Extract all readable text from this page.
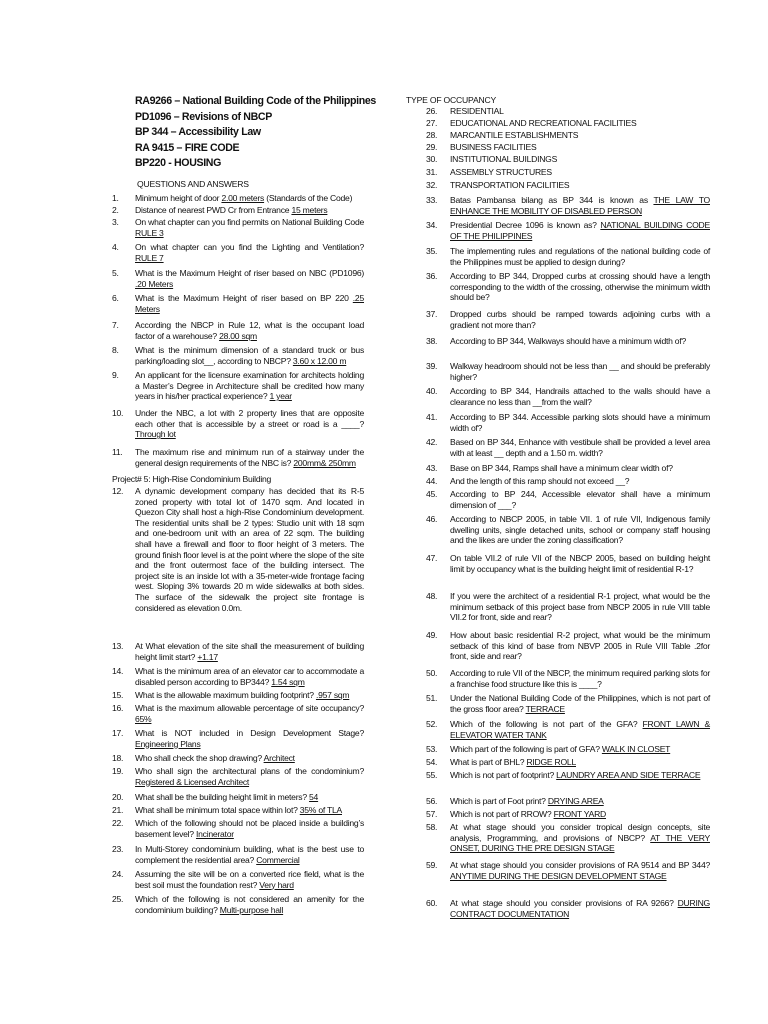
RA9266 – National Building Code of the Philippines
PD1096 – Revisions of NBCP
BP 344 – Accessibility Law
RA 9415 – FIRE CODE
BP220 - HOUSING
QUESTIONS AND ANSWERS
TYPE OF OCCUPANCY
1. Minimum height of door 2.00 meters (Standards of the Code)
2. Distance of nearest PWD Cr from Entrance 15 meters
3. On what chapter can you find permits on National Building Code RULE 3
4. On what chapter can you find the Lighting and Ventilation? RULE 7
5. What is the Maximum Height of riser based on NBC (PD1096) .20 Meters
6. What is the Maximum Height of riser based on BP 220 .25 Meters
7. According the NBCP in Rule 12, what is the occupant load factor of a warehouse? 28.00 sqm
8. What is the minimum dimension of a standard truck or bus parking/loading slot__, according to NBCP? 3.60 x 12.00 m
9. An applicant for the licensure examination for architects holding a Master’s Degree in Architecture shall be credited how many years in his/her practical experience? 1 year
10. Under the NBC, a lot with 2 property lines that are opposite each other that is accessible by a street or road is a ____? Through lot
11. The maximum rise and minimum run of a stairway under the general design requirements of the NBC is? 200mm& 250mm
Project# 5: High-Rise Condominium Building
12. A dynamic development company has decided that its R-5 zoned property with total lot of 1470 sqm. And located in Quezon City shall host a high-Rise Condominium development. The residential units shall be 2 types: Studio unit with 18 sqm and one-bedroom unit with an area of 22 sqm. The building shall have a firewall and floor to floor height of 3 meters. The ground finish floor level is at the point where the slope of the site and the front outermost face of the building intersect. The project site is an inside lot with a 35-meter-wide frontage facing west. Sloping 3% towards 20 m wide sidewalks at both sides. The surface of the sidewalk the project site frontage is considered as elevation 0.0m.
13. At What elevation of the site shall the measurement of building height limit start? +1.17
14. What is the minimum area of an elevator car to accommodate a disabled person according to BP344? 1.54 sqm
15. What is the allowable maximum building footprint? .957 sqm
16. What is the maximum allowable percentage of site occupancy? 65%
17. What is NOT included in Design Development Stage? Engineering Plans
18. Who shall check the shop drawing? Architect
19. Who shall sign the architectural plans of the condominium? Registered & Licensed Architect
20. What shall be the building height limit in meters? 54
21. What shall be minimum total space within lot? 35% of TLA
22. Which of the following should not be placed inside a building’s basement level? Incinerator
23. In Multi-Storey condominium building, what is the best use to complement the residential area? Commercial
24. Assuming the site will be on a converted rice field, what is the best soil must the foundation rest? Very hard
25. Which of the following is not considered an amenity for the condominium building? Multi-purpose hall
26. RESIDENTIAL
27. EDUCATIONAL AND RECREATIONAL FACILITIES
28. MARCANTILE ESTABLISHMENTS
29. BUSINESS FACILITIES
30. INSTITUTIONAL BUILDINGS
31. ASSEMBLY STRUCTURES
32. TRANSPORTATION FACILITIES
33. Batas Pambansa bilang as BP 344 is known as THE LAW TO ENHANCE THE MOBILITY OF DISABLED PERSON
34. Presidential Decree 1096 is known as? NATIONAL BUILDING CODE OF THE PHILIPPINES
35. The implementing rules and regulations of the national building code of the Philippines must be applied to design during?
36. According to BP 344, Dropped curbs at crossing should have a length corresponding to the width of the crossing, otherwise the minimum width should be?
37. Dropped curbs should be ramped towards adjoining curbs with a gradient not more than?
38. According to BP 344, Walkways should have a minimum width of?
39. Walkway headroom should not be less than __ and should be preferably higher?
40. According to BP 344, Handrails attached to the walls should have a clearance no less than __from the wall?
41. According to BP 344. Accessible parking slots should have a minimum width of?
42. Based on BP 344, Enhance with vestibule shall be provided a level area with at least __ depth and a 1.50 m. width?
43. Base on BP 344, Ramps shall have a minimum clear width of?
44. And the length of this ramp should not exceed __?
45. According to BP 244, Accessible elevator shall have a minimum dimension of ___?
46. According to NBCP 2005, in table VII. 1 of rule VII, Indigenous family dwelling units, single detached units, school or company staff housing and the likes are under the zoning classification?
47. On table VII.2 of rule VII of the NBCP 2005, based on building height limit by occupancy what is the building height limit of residential R-1?
48. If you were the architect of a residential R-1 project, what would be the minimum setback of this project base from NBCP 2005 in rule VIII table VII.2 for front, side and rear?
49. How about basic residential R-2 project, what would be the minimum setback of this kind of base from NBVP 2005 in Rule VIII Table .2for front, side and rear?
50. According to rule VII of the NBCP, the minimum required parking slots for a franchise food structure like this is ____?
51. Under the National Building Code of the Philippines, which is not part of the gross floor area? TERRACE
52. Which of the following is not part of the GFA? FRONT LAWN & ELEVATOR WATER TANK
53. Which part of the following is part of GFA? WALK IN CLOSET
54. What is part of BHL? RIDGE ROLL
55. Which is not part of footprint? LAUNDRY AREA AND SIDE TERRACE
56. Which is part of Foot print? DRYING AREA
57. Which is not part of RROW? FRONT YARD
58. At what stage should you consider tropical design concepts, site analysis, Programming, and provisions of NBCP? AT THE VERY ONSET, DURING THE PRE DESIGN STAGE
59. At what stage should you consider provisions of RA 9514 and BP 344? ANYTIME DURING THE DESIGN DEVELOPMENT STAGE
60. At what stage should you consider provisions of RA 9266? DURING CONTRACT DOCUMENTATION
